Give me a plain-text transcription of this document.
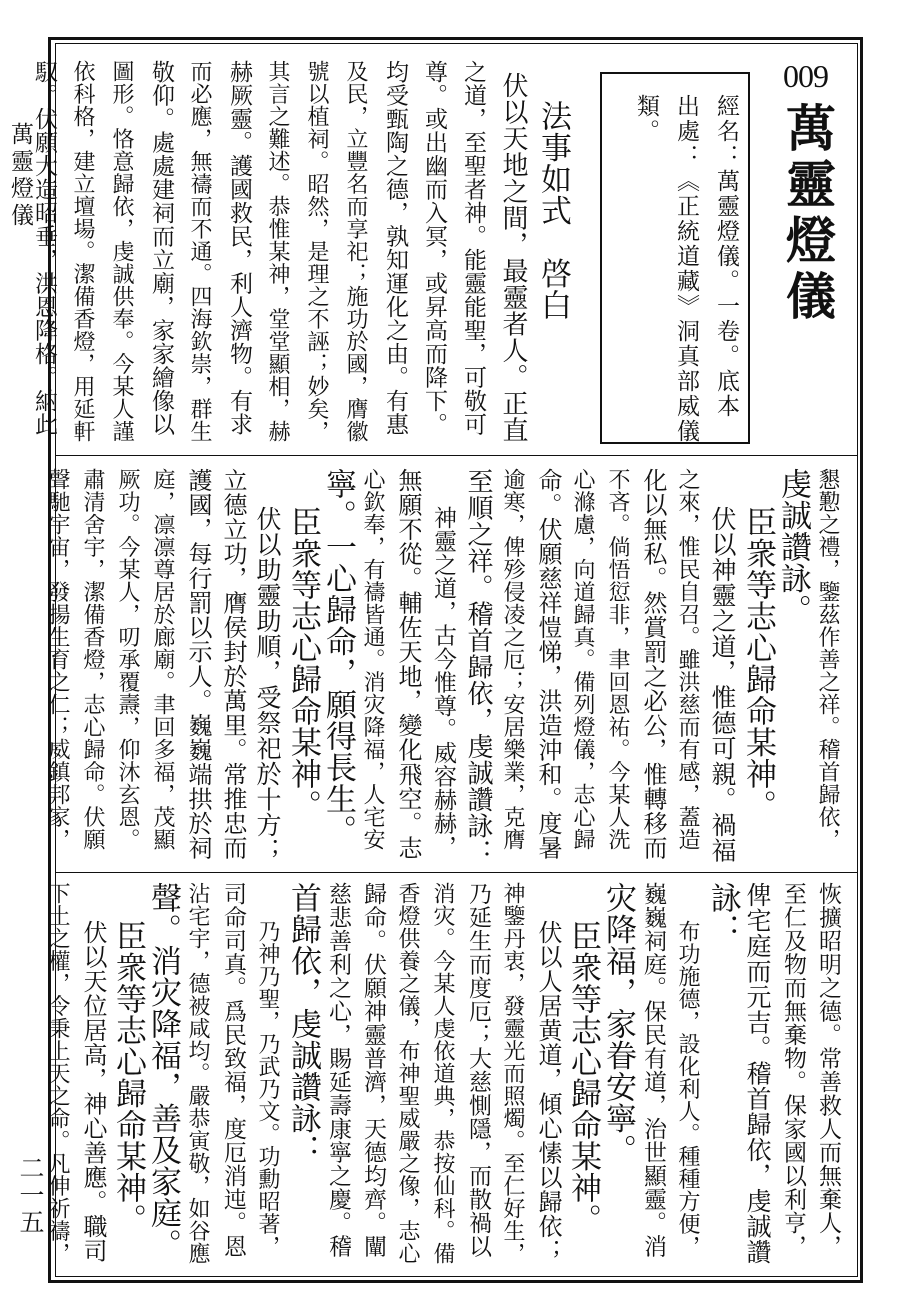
萬靈燈儀
二一五
009
萬靈燈儀
經名：萬靈燈儀。一卷。底本
出處：《正統道藏》洞真部威儀
類。
法事如式　啓白
伏以天地之間，最靈者人。正直
之道，至聖者神。能靈能聖，可敬可
尊。或出幽而入冥，或昇高而降下。
均受甄陶之德，孰知運化之由。有惠
及民，立豐名而享祀；施功於國，膺徽
號以植祠。昭然，是理之不誣；妙矣，
其言之難述。恭惟某神，堂堂顯相，赫
赫厥靈。護國救民，利人濟物。有求
而必應，無禱而不通。四海欽崇，群生
敬仰。處處建祠而立廟，家家繪像以
圖形。恪意歸依，虔誠供奉。今某人謹
依科格，建立壇場。潔備香燈，用延軒
馭。伏願大造昭垂，洪恩降格。納此
懇懃之禮，鑒茲作善之祥。稽首歸依，
虔誠讚詠。
臣衆等志心歸命某神。
伏以神靈之道，惟德可親。禍福
之來，惟民自召。雖洪慈而有感，蓋造
化以無私。然賞罰之必公，惟轉移而
不吝。倘悟愆非，聿回恩祐。今某人洗
心滌慮，向道歸真。備列燈儀，志心歸
命。伏願慈祥愷悌，洪造沖和。度暑
逾寒，俾殄侵凌之厄；安居樂業，克膺
至順之祥。稽首歸依，虔誠讚詠：
神靈之道，古今惟尊。威容赫赫，
無願不從。輔佐天地，變化飛空。志
心欽奉，有禱皆通。消灾降福，人宅安
寧。一心歸命，願得長生。
臣衆等志心歸命某神。
伏以助靈助順，受祭祀於十方；
立德立功，膺侯封於萬里。常推忠而
護國，每行罰以示人。巍巍端拱於祠
庭，凛凛尊居於廊廟。聿回多福，茂顯
厥功。今某人，叨承覆燾，仰沐玄恩。
肅清舍宇，潔備香燈，志心歸命。伏願
聲馳宇宙，發揚生育之仁；威鎮邦家，
恢擴昭明之德。常善救人而無棄人，
至仁及物而無棄物。保家國以利亨，
俾宅庭而元吉。稽首歸依，虔誠讚
詠：
布功施德，設化利人。種種方便，
巍巍祠庭。保民有道，治世顯靈。消
灾降福，家眷安寧。
臣衆等志心歸命某神。
伏以人居黄道，傾心愫以歸依；
神鑒丹衷，發靈光而照燭。至仁好生，
乃延生而度厄；大慈惻隱，而散禍以
消灾。今某人虔依道典，恭按仙科。備
香燈供養之儀，布神聖威嚴之像，志心
歸命。伏願神靈普濟，天德均齊。闡
慈悲善利之心，賜延壽康寧之慶。稽
首歸依，虔誠讚詠：
乃神乃聖，乃武乃文。功勳昭著，
司命司真。爲民致福，度厄消迍。恩
沾宅宇，德被咸均。嚴恭寅敬，如谷應
聲。消灾降福，善及家庭。
臣衆等志心歸命某神。
伏以天位居高，神心善應。職司
下土之權，令秉上天之命。凡伸祈禱，
